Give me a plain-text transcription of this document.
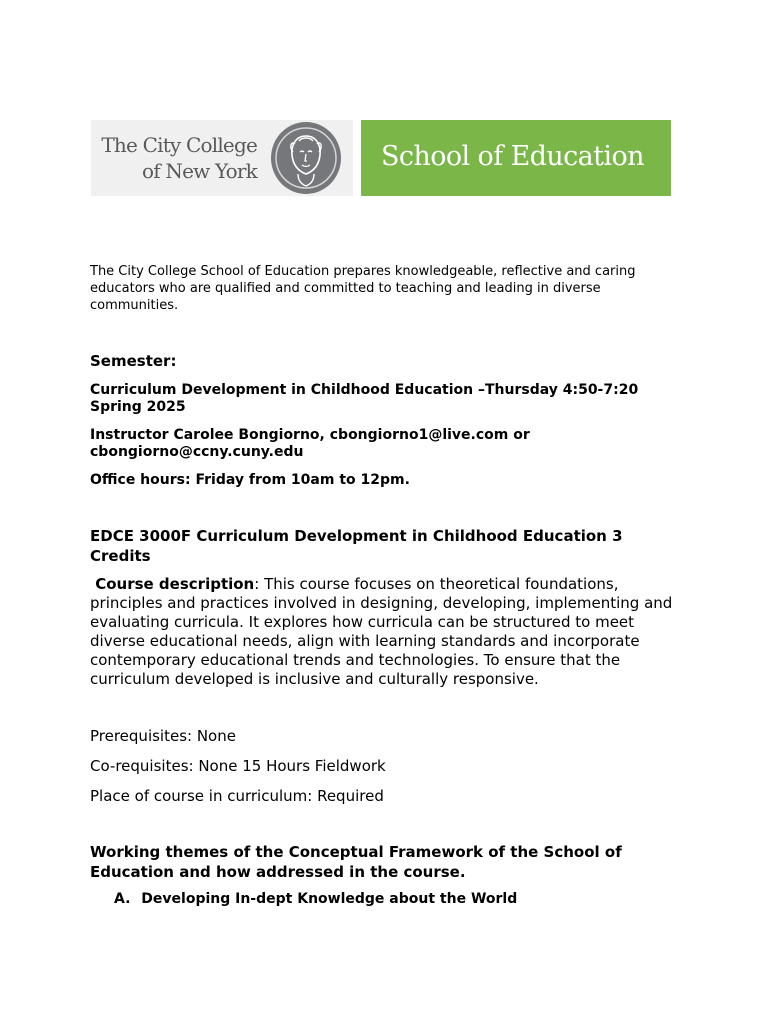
The City College
of New York	School of Education

The City College School of Education prepares knowledgeable, reflective and caring educators who are qualified and committed to teaching and leading in diverse communities.

Semester:

Curriculum Development in Childhood Education –Thursday 4:50-7:20 Spring 2025

Instructor Carolee Bongiorno, cbongiorno1@live.com or cbongiorno@ccny.cuny.edu

Office hours: Friday from 10am to 12pm.

EDCE 3000F Curriculum Development in Childhood Education 3 Credits

Course description: This course focuses on theoretical foundations, principles and practices involved in designing, developing, implementing and evaluating curricula. It explores how curricula can be structured to meet diverse educational needs, align with learning standards and incorporate contemporary educational trends and technologies. To ensure that the curriculum developed is inclusive and culturally responsive.

Prerequisites: None

Co-requisites: None 15 Hours Fieldwork

Place of course in curriculum: Required

Working themes of the Conceptual Framework of the School of Education and how addressed in the course.

A. Developing In-dept Knowledge about the World
